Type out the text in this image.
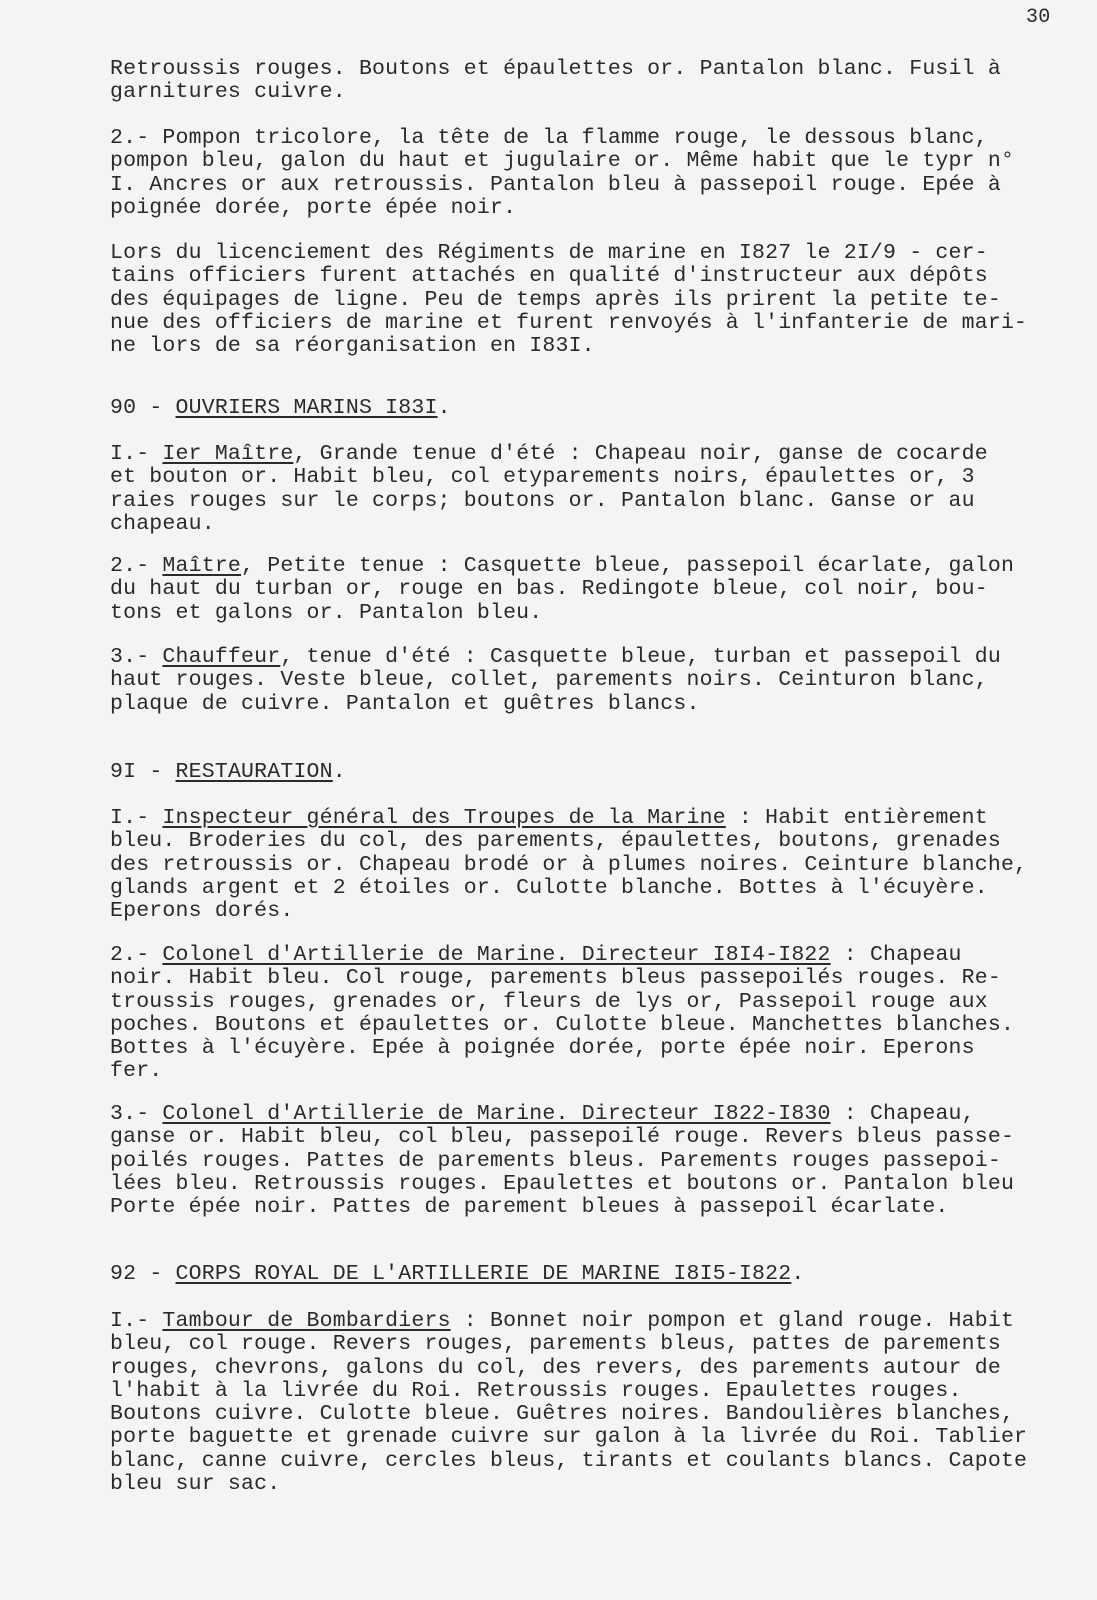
30
Retroussis rouges. Boutons et épaulettes or. Pantalon blanc. Fusil à
garnitures cuivre.
2.- Pompon tricolore, la tête de la flamme rouge, le dessous blanc,
pompon bleu, galon du haut et jugulaire or. Même habit que le typr n°
I. Ancres or aux retroussis. Pantalon bleu à passepoil rouge. Epée à
poignée dorée, porte épée noir.
Lors du licenciement des Régiments de marine en I827 le 2I/9 - cer-
tains officiers furent attachés en qualité d'instructeur aux dépôts
des équipages de ligne. Peu de temps après ils prirent la petite te-
nue des officiers de marine et furent renvoyés à l'infanterie de mari-
ne lors de sa réorganisation en I83I.
90 - OUVRIERS MARINS I83I.
I.- Ier Maître, Grande tenue d'été : Chapeau noir, ganse de cocarde
et bouton or. Habit bleu, col etyparements noirs, épaulettes or, 3
raies rouges sur le corps; boutons or. Pantalon blanc. Ganse or au
chapeau.
2.- Maître, Petite tenue : Casquette bleue, passepoil écarlate, galon
du haut du turban or, rouge en bas. Redingote bleue, col noir, bou-
tons et galons or. Pantalon bleu.
3.- Chauffeur, tenue d'été : Casquette bleue, turban et passepoil du
haut rouges. Veste bleue, collet, parements noirs. Ceinturon blanc,
plaque de cuivre. Pantalon et guêtres blancs.
9I - RESTAURATION.
I.- Inspecteur général des Troupes de la Marine : Habit entièrement
bleu. Broderies du col, des parements, épaulettes, boutons, grenades
des retroussis or. Chapeau brodé or à plumes noires. Ceinture blanche,
glands argent et 2 étoiles or. Culotte blanche. Bottes à l'écuyère.
Eperons dorés.
2.- Colonel d'Artillerie de Marine. Directeur I8I4-I822 : Chapeau
noir. Habit bleu. Col rouge, parements bleus passepoilés rouges. Re-
troussis rouges, grenades or, fleurs de lys or, Passepoil rouge aux
poches. Boutons et épaulettes or. Culotte bleue. Manchettes blanches.
Bottes à l'écuyère. Epée à poignée dorée, porte épée noir. Eperons
fer.
3.- Colonel d'Artillerie de Marine. Directeur I822-I830 : Chapeau,
ganse or. Habit bleu, col bleu, passepoilé rouge. Revers bleus passe-
poilés rouges. Pattes de parements bleus. Parements rouges passepoi-
lées bleu. Retroussis rouges. Epaulettes et boutons or. Pantalon bleu
Porte épée noir. Pattes de parement bleues à passepoil écarlate.
92 - CORPS ROYAL DE L'ARTILLERIE DE MARINE I8I5-I822.
I.- Tambour de Bombardiers : Bonnet noir pompon et gland rouge. Habit
bleu, col rouge. Revers rouges, parements bleus, pattes de parements
rouges, chevrons, galons du col, des revers, des parements autour de
l'habit à la livrée du Roi. Retroussis rouges. Epaulettes rouges.
Boutons cuivre. Culotte bleue. Guêtres noires. Bandoulières blanches,
porte baguette et grenade cuivre sur galon à la livrée du Roi. Tablier
blanc, canne cuivre, cercles bleus, tirants et coulants blancs. Capote
bleu sur sac.
